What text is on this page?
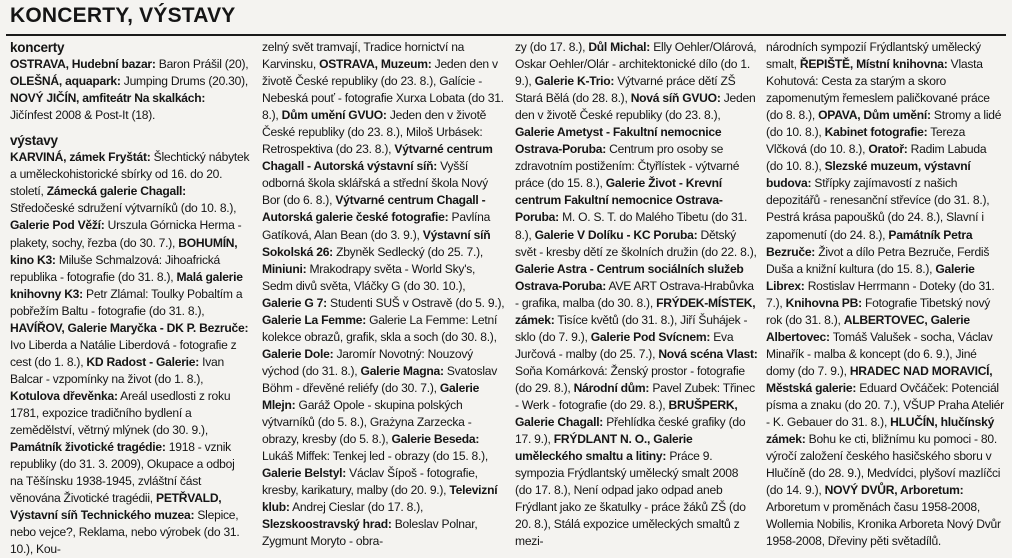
KONCERTY, VÝSTAVY

koncerty

OSTRAVA, Hudební bazar: Baron Prášil (20), OLEŠNÁ, aquapark: Jumping Drums (20.30), NOVÝ JIČÍN, amfiteátr Na skalkách: Jičínfest 2008 & Post-It (18).

výstavy

KARVINÁ, zámek Fryštát: Šlechtický nábytek a uměleckohistorické sbírky od 16. do 20. století, Zámecká galerie Chagall: Středočeské sdružení výtvarníků (do 10. 8.), Galerie Pod Věží: Urszula Górnicka Herma - plakety, sochy, řezba (do 30. 7.), BOHUMÍN, kino K3: Miluše Schmalzová: Jihoafrická republika - fotografie (do 31. 8.), Malá galerie knihovny K3: Petr Zlámal: Toulky Pobaltím a pobřežím Baltu - fotografie (do 31. 8.), HAVÍŘOV, Galerie Maryčka - DK P. Bezruče: Ivo Liberda a Natálie Liberdová - fotografie z cest (do 1. 8.), KD Radost - Galerie: Ivan Balcar - vzpomínky na život (do 1. 8.), Kotulova dřevěnka: Areál usedlosti z roku 1781, expozice tradičního bydlení a zemědělství, větrný mlýnek (do 30. 9.), Památník životické tragédie: 1918 - vznik republiky (do 31. 3. 2009), Okupace a odboj na Těšínsku 1938-1945, zvláštní část věnována Životické tragédii, PETŘVALD, Výstavní síň Technického muzea: Slepice, nebo vejce?, Reklama, nebo výrobek (do 31. 10.), Kou-

zelný svět tramvají, Tradice hornictví na Karvinsku, OSTRAVA, Muzeum: Jeden den v životě České republiky (do 23. 8.), Galície - Nebeská pouť - fotografie Xurxa Lobata (do 31. 8.), Dům umění GVUO: Jeden den v životě České republiky (do 23. 8.), Miloš Urbásek: Retrospektiva (do 23. 8.), Výtvarné centrum Chagall - Autorská výstavní síň: Vyšší odborná škola sklářská a střední škola Nový Bor (do 6. 8.), Výtvarné centrum Chagall - Autorská galerie české fotografie: Pavlína Gatíková, Alan Bean (do 3. 9.), Výstavní síň Sokolská 26: Zbyněk Sedlecký (do 25. 7.), Miniuni: Mrakodrapy světa - World Sky's, Sedm divů světa, Vláčky G (do 30. 10.), Galerie G 7: Studenti SUŠ v Ostravě (do 5. 9.), Galerie La Femme: Galerie La Femme: Letní kolekce obrazů, grafik, skla a soch (do 30. 8.), Galerie Dole: Jaromír Novotný: Nouzový východ (do 31. 8.), Galerie Magna: Svatoslav Böhm - dřevěné reliéfy (do 30. 7.), Galerie Mlejn: Garáž Opole - skupina polských výtvarníků (do 5. 8.), Grażyna Zarzecka - obrazy, kresby (do 5. 8.), Galerie Beseda: Lukáš Miffek: Tenkej led - obrazy (do 15. 8.), Galerie Belstyl: Václav Šípoš - fotografie, kresby, karikatury, malby (do 20. 9.), Televizní klub: Andrej Cieslar (do 17. 8.), Slezskoostravský hrad: Boleslav Polnar, Zygmunt Moryto - obra-

zy (do 17. 8.), Důl Michal: Elly Oehler/Olárová, Oskar Oehler/Olár - architektonické dílo (do 1. 9.), Galerie K-Trio: Výtvarné práce dětí ZŠ Stará Bělá (do 28. 8.), Nová síň GVUO: Jeden den v životě České republiky (do 23. 8.), Galerie Ametyst - Fakultní nemocnice Ostrava-Poruba: Centrum pro osoby se zdravotním postižením: Čtyřlístek - výtvarné práce (do 15. 8.), Galerie Život - Krevní centrum Fakultní nemocnice Ostrava-Poruba: M. O. S. T. do Malého Tibetu (do 31. 8.), Galerie V Dolíku - KC Poruba: Dětský svět - kresby dětí ze školních družin (do 22. 8.), Galerie Astra - Centrum sociálních služeb Ostrava-Poruba: AVE ART Ostrava-Hrabůvka - grafika, malba (do 30. 8.), FRÝDEK-MÍSTEK, zámek: Tisíce květů (do 31. 8.), Jiří Šuhájek - sklo (do 7. 9.), Galerie Pod Svícnem: Eva Jurčová - malby (do 25. 7.), Nová scéna Vlast: Soňa Komárková: Ženský prostor - fotografie (do 29. 8.), Národní dům: Pavel Zubek: Třinec - Werk - fotografie (do 29. 8.), BRUŠPERK, Galerie Chagall: Přehlídka české grafiky (do 17. 9.), FRÝDLANT N. O., Galerie uměleckého smaltu a litiny: Práce 9. sympozia Frýdlantský umělecký smalt 2008 (do 17. 8.), Není odpad jako odpad aneb Frýdlant jako ze škatulky - práce žáků ZŠ (do 20. 8.), Stálá expozice uměleckých smaltů z mezi-

národních sympozií Frýdlantský umělecký smalt, ŘEPIŠTĚ, Místní knihovna: Vlasta Kohutová: Cesta za starým a skoro zapomenutým řemeslem paličkované práce (do 8. 8.), OPAVA, Dům umění: Stromy a lidé (do 10. 8.), Kabinet fotografie: Tereza Vlčková (do 10. 8.), Oratoř: Radim Labuda (do 10. 8.), Slezské muzeum, výstavní budova: Střípky zajímavostí z našich depozitářů - renesanční střevíce (do 31. 8.), Pestrá krása papoušků (do 24. 8.), Slavní i zapomenutí (do 24. 8.), Památník Petra Bezruče: Život a dílo Petra Bezruče, Ferdiš Duša a knižní kultura (do 15. 8.), Galerie Librex: Rostislav Herrmann - Doteky (do 31. 7.), Knihovna PB: Fotografie Tibetský nový rok (do 31. 8.), ALBERTOVEC, Galerie Albertovec: Tomáš Valušek - socha, Václav Minařík - malba & koncept (do 6. 9.), Jiné domy (do 7. 9.), HRADEC NAD MORAVICÍ, Městská galerie: Eduard Ovčáček: Potenciál písma a znaku (do 20. 7.), VŠUP Praha Ateliér - K. Gebauer do 31. 8.), HLUČÍN, hlučínský zámek: Bohu ke cti, bližnímu ku pomoci - 80. výročí založení českého hasičského sboru v Hlučíně (do 28. 9.), Medvídci, plyšoví mazlíčci (do 14. 9.), NOVÝ DVŮR, Arboretum: Arboretum v proměnách času 1958-2008, Wollemia Nobilis, Kronika Arboreta Nový Dvůr 1958-2008, Dřeviny pěti světadílů.
